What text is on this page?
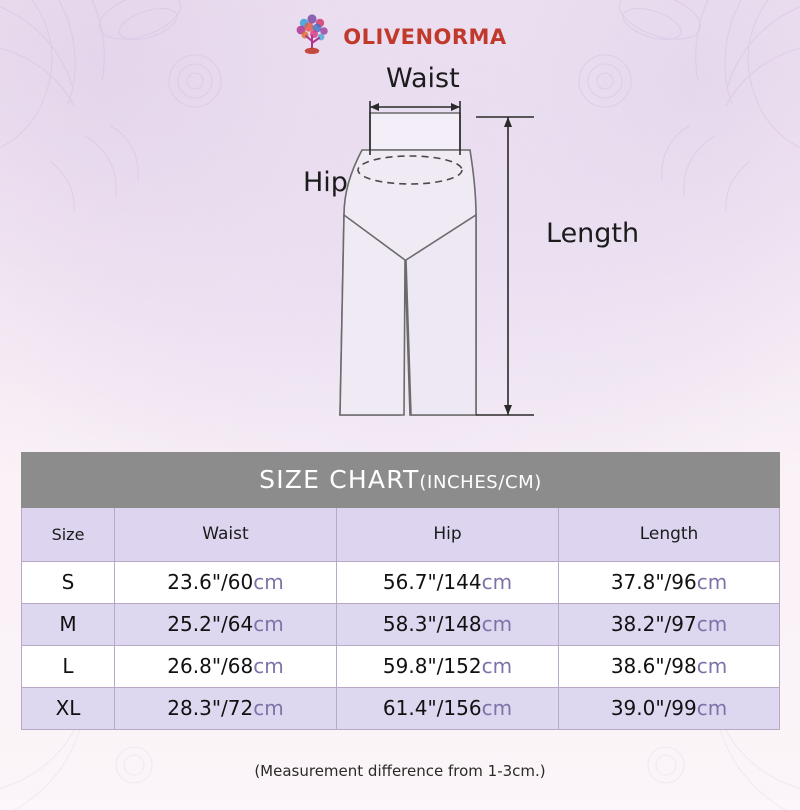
OLIVENORMA
Waist
Hip
Length
SIZE CHART(INCHES/CM)			
Size	Waist	Hip	Length
S	23.6"/60cm	56.7"/144cm	37.8"/96cm
M	25.2"/64cm	58.3"/148cm	38.2"/97cm
L	26.8"/68cm	59.8"/152cm	38.6"/98cm
XL	28.3"/72cm	61.4"/156cm	39.0"/99cm
(Measurement difference from 1-3cm.)
